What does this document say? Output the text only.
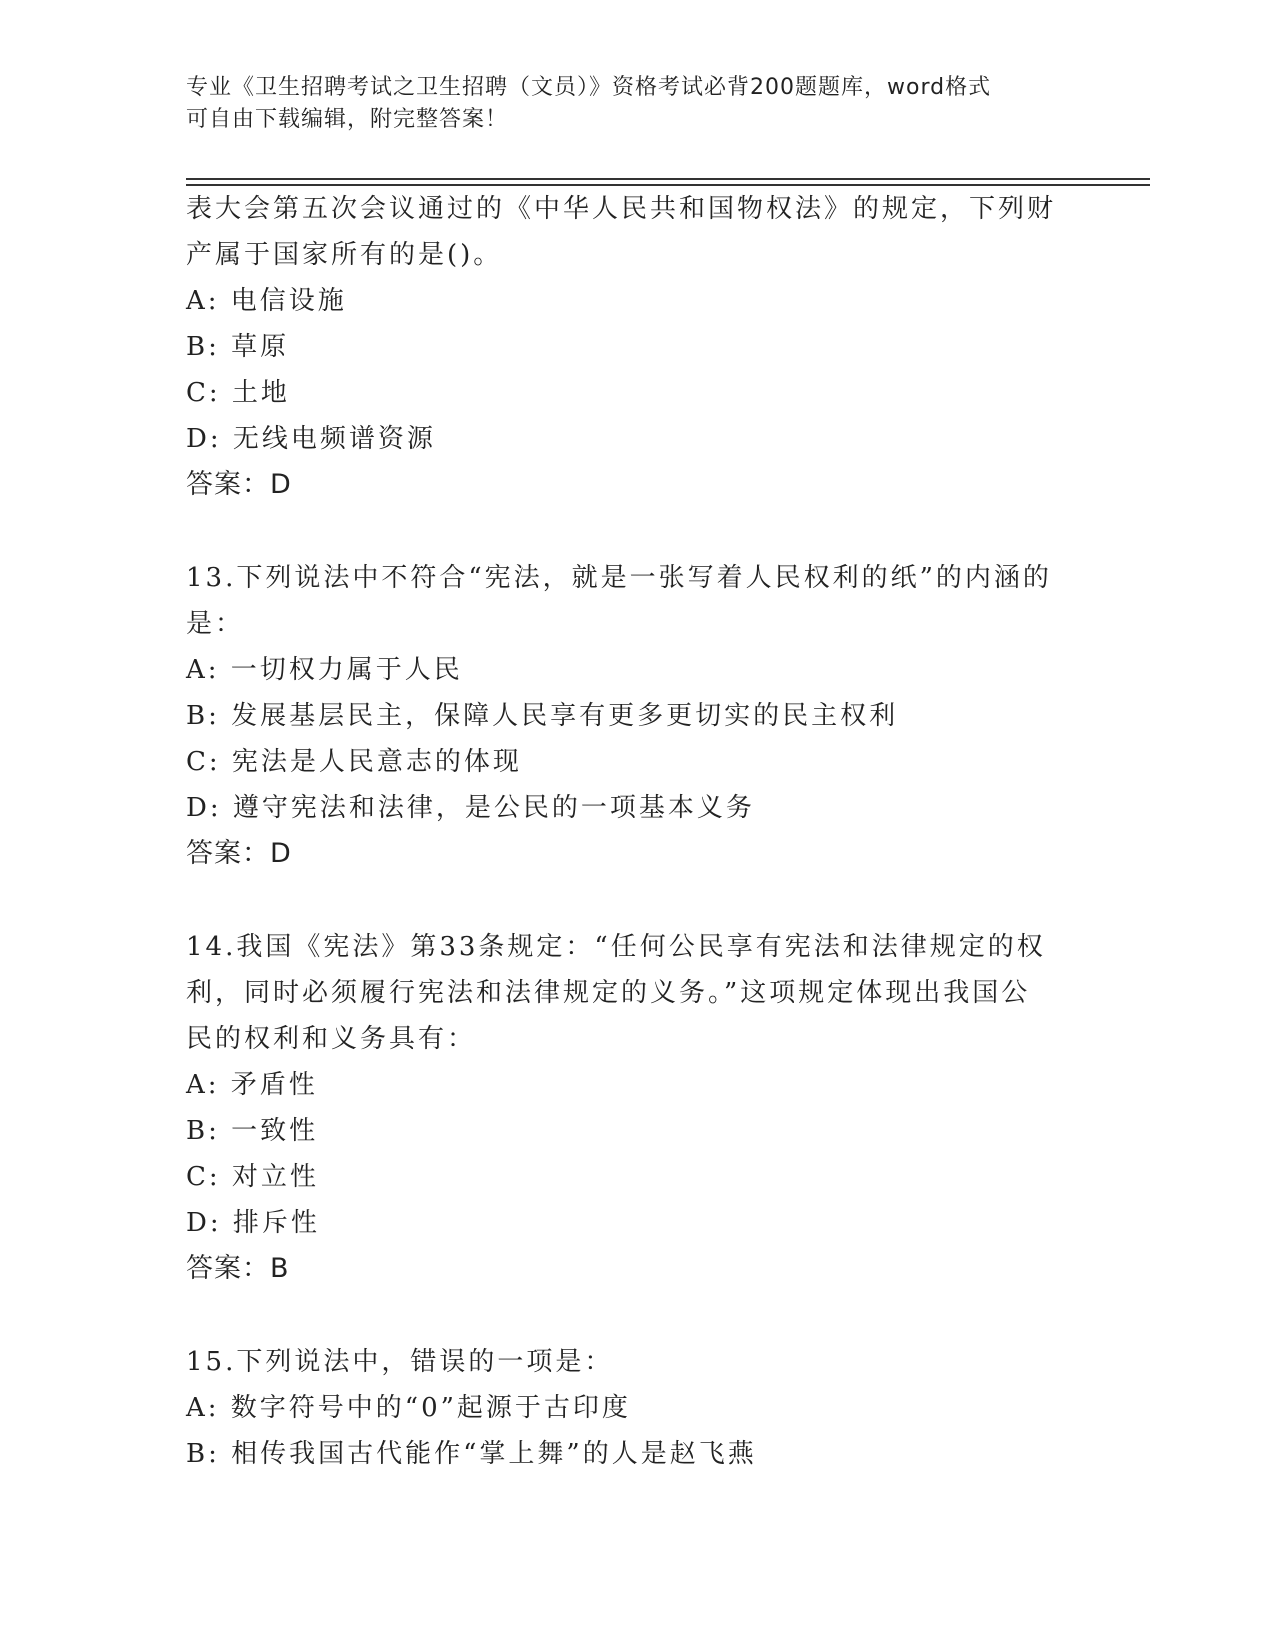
专业《卫生招聘考试之卫生招聘（文员）》资格考试必背200题题库，word格式
可自由下载编辑，附完整答案！
表大会第五次会议通过的《中华人民共和国物权法》的规定，下列财
产属于国家所有的是()。
A: 电信设施
B: 草原
C: 土地
D: 无线电频谱资源
答案：D
13.下列说法中不符合“宪法，就是一张写着人民权利的纸”的内涵的
是：
A: 一切权力属于人民
B: 发展基层民主，保障人民享有更多更切实的民主权利
C: 宪法是人民意志的体现
D: 遵守宪法和法律，是公民的一项基本义务
答案：D
14.我国《宪法》第33条规定：“任何公民享有宪法和法律规定的权
利，同时必须履行宪法和法律规定的义务。”这项规定体现出我国公
民的权利和义务具有：
A: 矛盾性
B: 一致性
C: 对立性
D: 排斥性
答案：B
15.下列说法中，错误的一项是：
A: 数字符号中的“0”起源于古印度
B: 相传我国古代能作“掌上舞”的人是赵飞燕
